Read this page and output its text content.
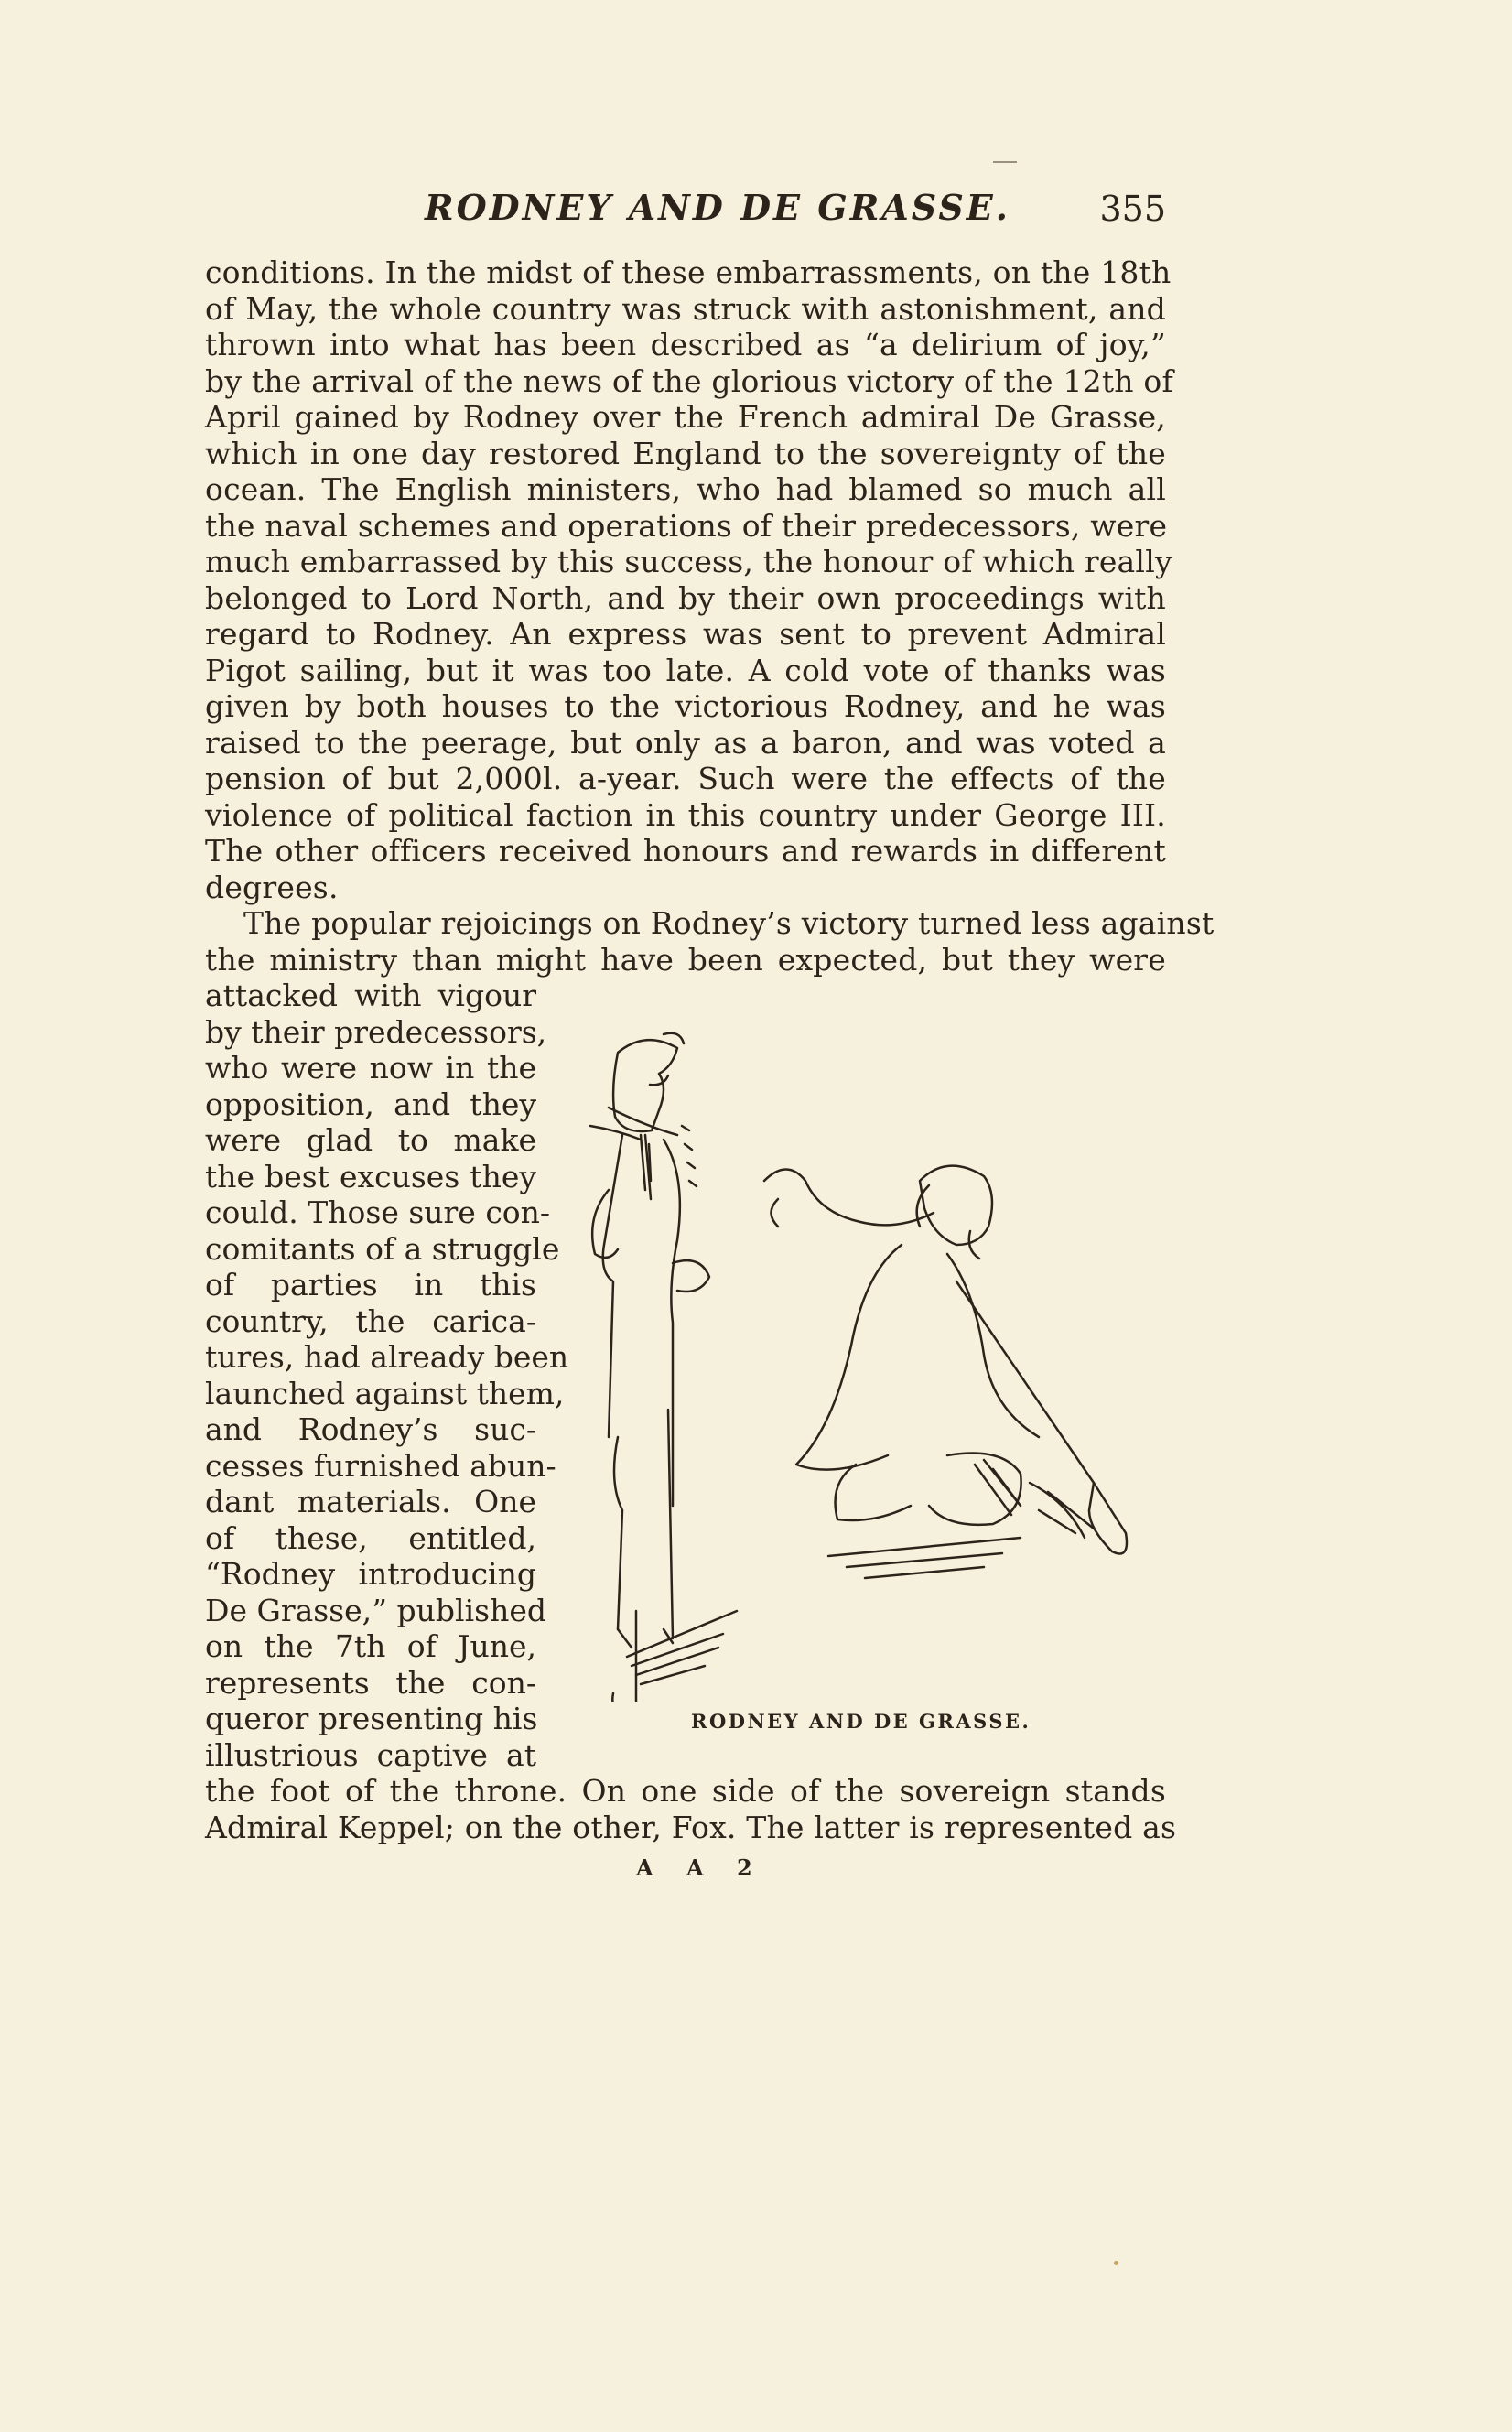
RODNEY AND DE GRASSE.	355
conditions. In the midst of these embarrassments, on the 18th
of May, the whole country was struck with astonishment, and
thrown into what has been described as “a delirium of joy,”
by the arrival of the news of the glorious victory of the 12th of
April gained by Rodney over the French admiral De Grasse,
which in one day restored England to the sovereignty of the
ocean. The English ministers, who had blamed so much all
the naval schemes and operations of their predecessors, were
much embarrassed by this success, the honour of which really
belonged to Lord North, and by their own proceedings with
regard to Rodney. An express was sent to prevent Admiral
Pigot sailing, but it was too late. A cold vote of thanks was
given by both houses to the victorious Rodney, and he was
raised to the peerage, but only as a baron, and was voted a
pension of but 2,000l. a-year. Such were the effects of the
violence of political faction in this country under George III.
The other officers received honours and rewards in different
degrees.
The popular rejoicings on Rodney’s victory turned less against
the ministry than might have been expected, but they were
attacked with vigour
by their predecessors,
who were now in the
opposition, and they
were glad to make
the best excuses they
could. Those sure con-
comitants of a struggle
of parties in this
country, the carica-
tures, had already been
launched against them,
and Rodney’s suc-
cesses furnished abun-
dant materials. One
of these, entitled,
“Rodney introducing
De Grasse,” published
on the 7th of June,
represents the con-
queror presenting his
illustrious captive at
RODNEY AND DE GRASSE.
the foot of the throne. On one side of the sovereign stands
Admiral Keppel; on the other, Fox. The latter is represented as
A A 2
